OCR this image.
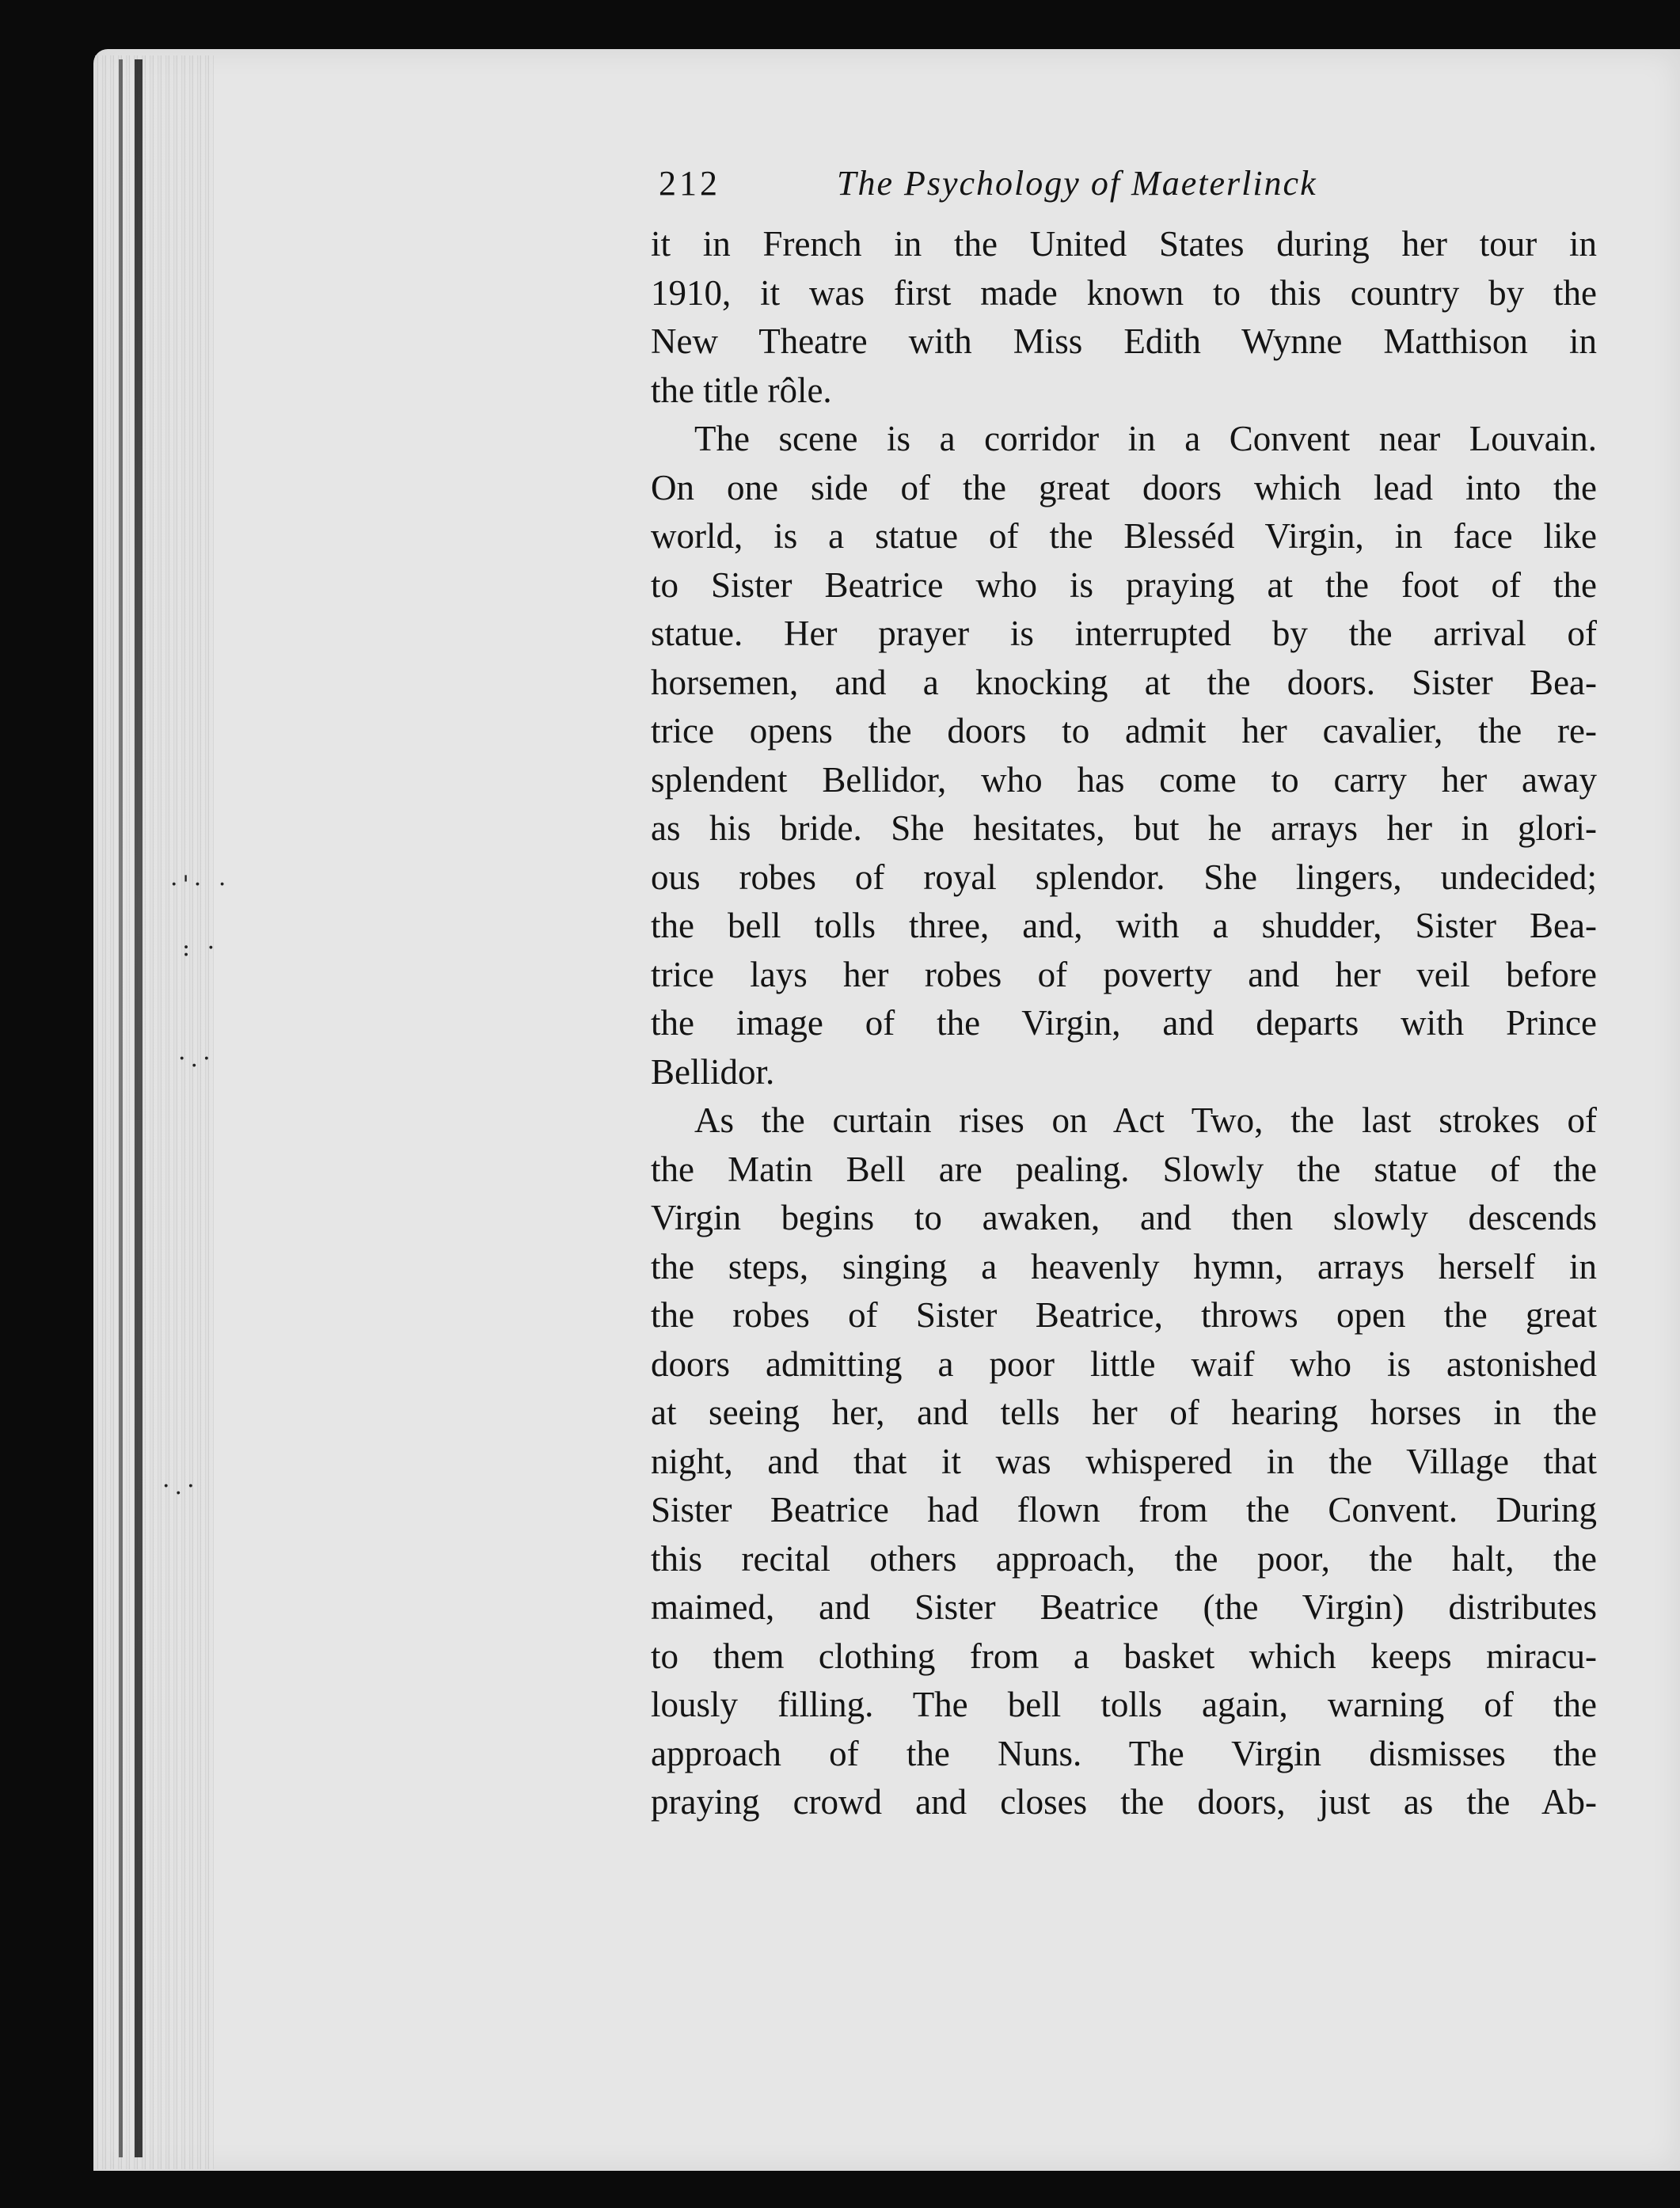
·'· ·
: ·
·.·
·.·
212	The Psychology of Maeterlinck
it in French in the United States during her tour in
1910, it was first made known to this country by the
New Theatre with Miss Edith Wynne Matthison in
the title rôle.
The scene is a corridor in a Convent near Louvain.
On one side of the great doors which lead into the
world, is a statue of the Blesséd Virgin, in face like
to Sister Beatrice who is praying at the foot of the
statue. Her prayer is interrupted by the arrival of
horsemen, and a knocking at the doors. Sister Bea-
trice opens the doors to admit her cavalier, the re-
splendent Bellidor, who has come to carry her away
as his bride. She hesitates, but he arrays her in glori-
ous robes of royal splendor. She lingers, undecided;
the bell tolls three, and, with a shudder, Sister Bea-
trice lays her robes of poverty and her veil before
the image of the Virgin, and departs with Prince
Bellidor.
As the curtain rises on Act Two, the last strokes of
the Matin Bell are pealing. Slowly the statue of the
Virgin begins to awaken, and then slowly descends
the steps, singing a heavenly hymn, arrays herself in
the robes of Sister Beatrice, throws open the great
doors admitting a poor little waif who is astonished
at seeing her, and tells her of hearing horses in the
night, and that it was whispered in the Village that
Sister Beatrice had flown from the Convent. During
this recital others approach, the poor, the halt, the
maimed, and Sister Beatrice (the Virgin) distributes
to them clothing from a basket which keeps miracu-
lously filling. The bell tolls again, warning of the
approach of the Nuns. The Virgin dismisses the
praying crowd and closes the doors, just as the Ab-
